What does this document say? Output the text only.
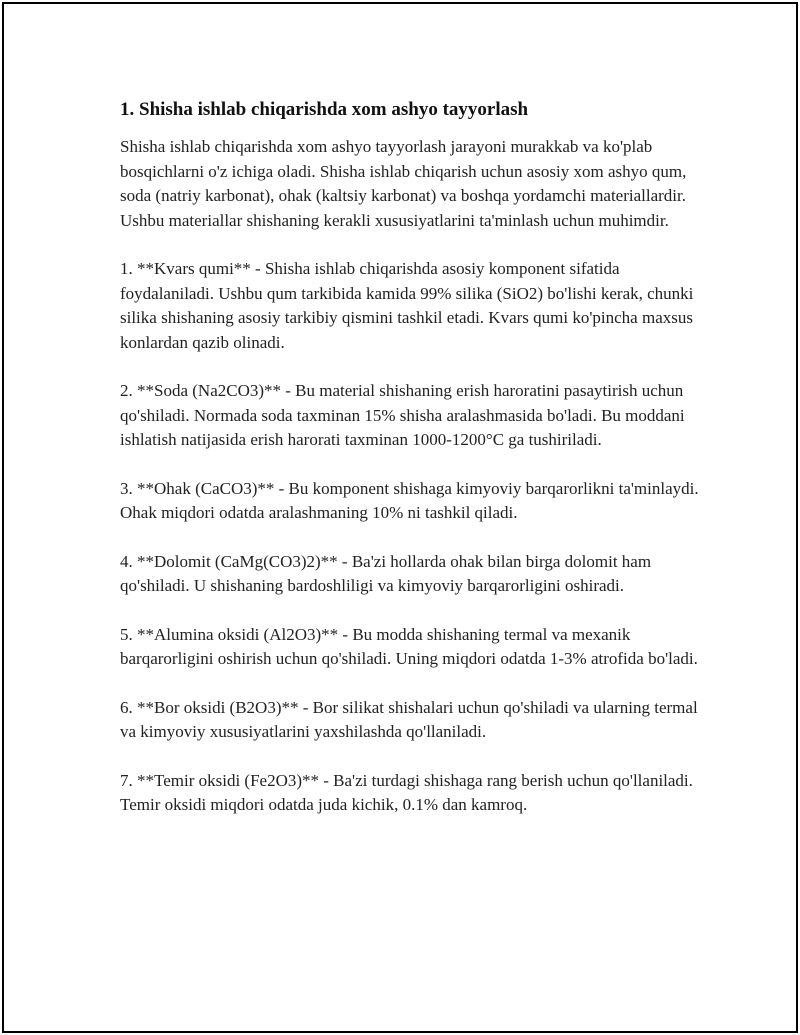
1. Shisha ishlab chiqarishda xom ashyo tayyorlash

Shisha ishlab chiqarishda xom ashyo tayyorlash jarayoni murakkab va ko'plab bosqichlarni o'z ichiga oladi. Shisha ishlab chiqarish uchun asosiy xom ashyo qum, soda (natriy karbonat), ohak (kaltsiy karbonat) va boshqa yordamchi materiallardir. Ushbu materiallar shishaning kerakli xususiyatlarini ta'minlash uchun muhimdir.

1. **Kvars qumi** - Shisha ishlab chiqarishda asosiy komponent sifatida foydalaniladi. Ushbu qum tarkibida kamida 99% silika (SiO2) bo'lishi kerak, chunki silika shishaning asosiy tarkibiy qismini tashkil etadi. Kvars qumi ko'pincha maxsus konlardan qazib olinadi.

2. **Soda (Na2CO3)** - Bu material shishaning erish haroratini pasaytirish uchun qo'shiladi. Normada soda taxminan 15% shisha aralashmasida bo'ladi. Bu moddani ishlatish natijasida erish harorati taxminan 1000-1200°C ga tushiriladi.

3. **Ohak (CaCO3)** - Bu komponent shishaga kimyoviy barqarorlikni ta'minlaydi. Ohak miqdori odatda aralashmaning 10% ni tashkil qiladi.

4. **Dolomit (CaMg(CO3)2)** - Ba'zi hollarda ohak bilan birga dolomit ham qo'shiladi. U shishaning bardoshliligi va kimyoviy barqarorligini oshiradi.

5. **Alumina oksidi (Al2O3)** - Bu modda shishaning termal va mexanik barqarorligini oshirish uchun qo'shiladi. Uning miqdori odatda 1-3% atrofida bo'ladi.

6. **Bor oksidi (B2O3)** - Bor silikat shishalari uchun qo'shiladi va ularning termal va kimyoviy xususiyatlarini yaxshilashda qo'llaniladi.

7. **Temir oksidi (Fe2O3)** - Ba'zi turdagi shishaga rang berish uchun qo'llaniladi. Temir oksidi miqdori odatda juda kichik, 0.1% dan kamroq.
